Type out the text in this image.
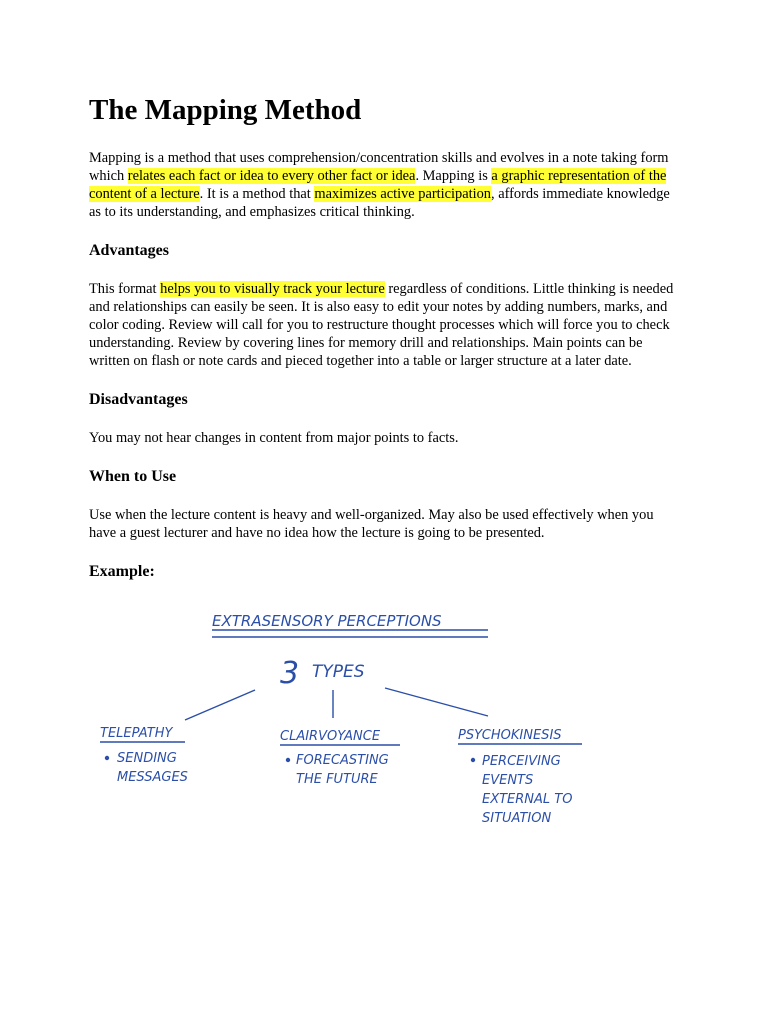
The Mapping Method

Mapping is a method that uses comprehension/concentration skills and evolves in a note taking form which relates each fact or idea to every other fact or idea. Mapping is a graphic representation of the content of a lecture. It is a method that maximizes active participation, affords immediate knowledge as to its understanding, and emphasizes critical thinking.

Advantages

This format helps you to visually track your lecture regardless of conditions. Little thinking is needed and relationships can easily be seen. It is also easy to edit your notes by adding numbers, marks, and color coding. Review will call for you to restructure thought processes which will force you to check understanding. Review by covering lines for memory drill and relationships. Main points can be written on flash or note cards and pieced together into a table or larger structure at a later date.

Disadvantages

You may not hear changes in content from major points to facts.

When to Use

Use when the lecture content is heavy and well-organized. May also be used effectively when you have a guest lecturer and have no idea how the lecture is going to be presented.

Example:
EXTRASENSORY PERCEPTIONS
3 TYPES
TELEPATHY
SENDING
MESSAGES
CLAIRVOYANCE
FORECASTING
THE FUTURE
PSYCHOKINESIS
PERCEIVING
EVENTS
EXTERNAL TO
SITUATION
